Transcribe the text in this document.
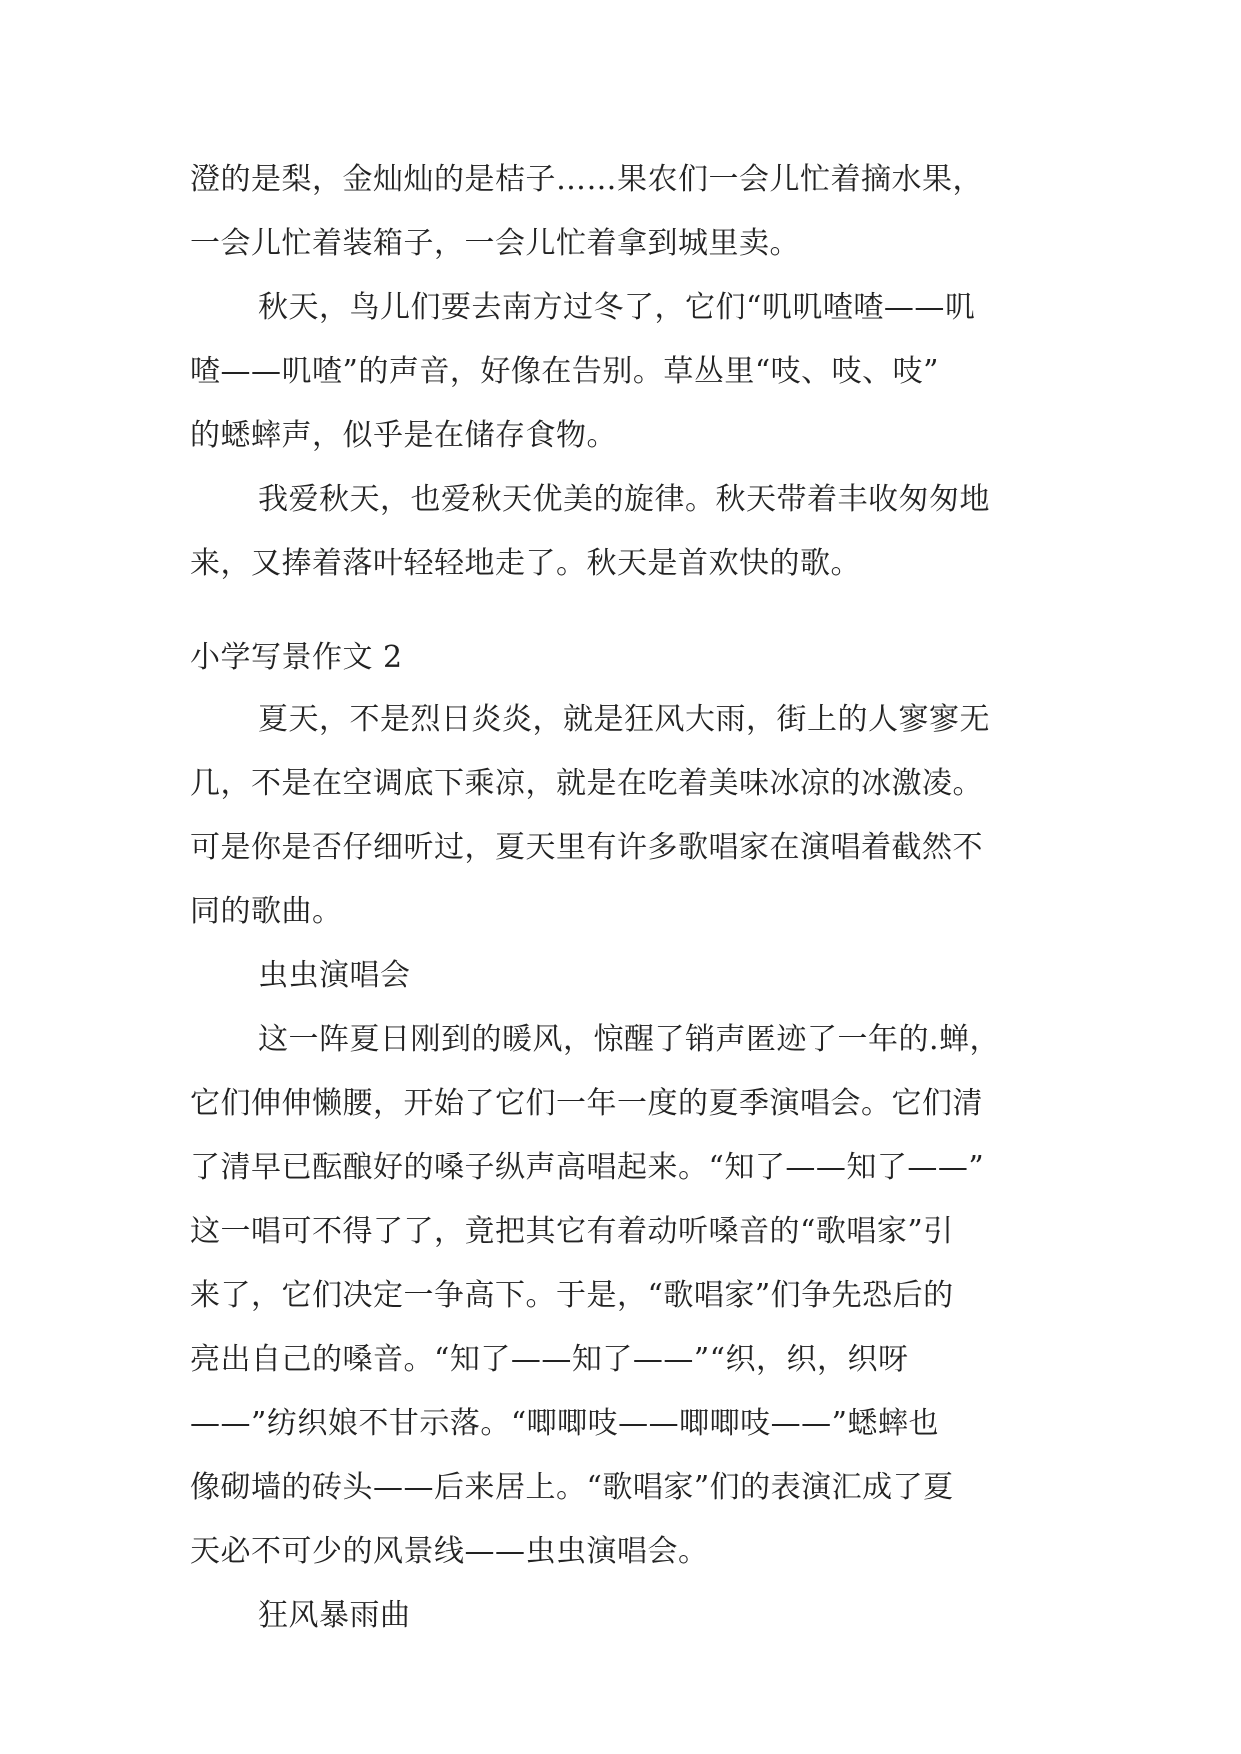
澄的是梨，金灿灿的是桔子……果农们一会儿忙着摘水果，
一会儿忙着装箱子，一会儿忙着拿到城里卖。
秋天，鸟儿们要去南方过冬了，它们“叽叽喳喳——叽
喳——叽喳”的声音，好像在告别。草丛里“吱、吱、吱”
的蟋蟀声，似乎是在储存食物。
我爱秋天，也爱秋天优美的旋律。秋天带着丰收匆匆地
来，又捧着落叶轻轻地走了。秋天是首欢快的歌。
小学写景作文 2
夏天，不是烈日炎炎，就是狂风大雨，街上的人寥寥无
几，不是在空调底下乘凉，就是在吃着美味冰凉的冰激凌。
可是你是否仔细听过，夏天里有许多歌唱家在演唱着截然不
同的歌曲。
虫虫演唱会
这一阵夏日刚到的暖风，惊醒了销声匿迹了一年的.蝉，
它们伸伸懒腰，开始了它们一年一度的夏季演唱会。它们清
了清早已酝酿好的嗓子纵声高唱起来。“知了——知了——”
这一唱可不得了了，竟把其它有着动听嗓音的“歌唱家”引
来了，它们决定一争高下。于是，“歌唱家”们争先恐后的
亮出自己的嗓音。“知了——知了——”“织，织，织呀
——”纺织娘不甘示落。“唧唧吱——唧唧吱——”蟋蟀也
像砌墙的砖头——后来居上。“歌唱家”们的表演汇成了夏
天必不可少的风景线——虫虫演唱会。
狂风暴雨曲
